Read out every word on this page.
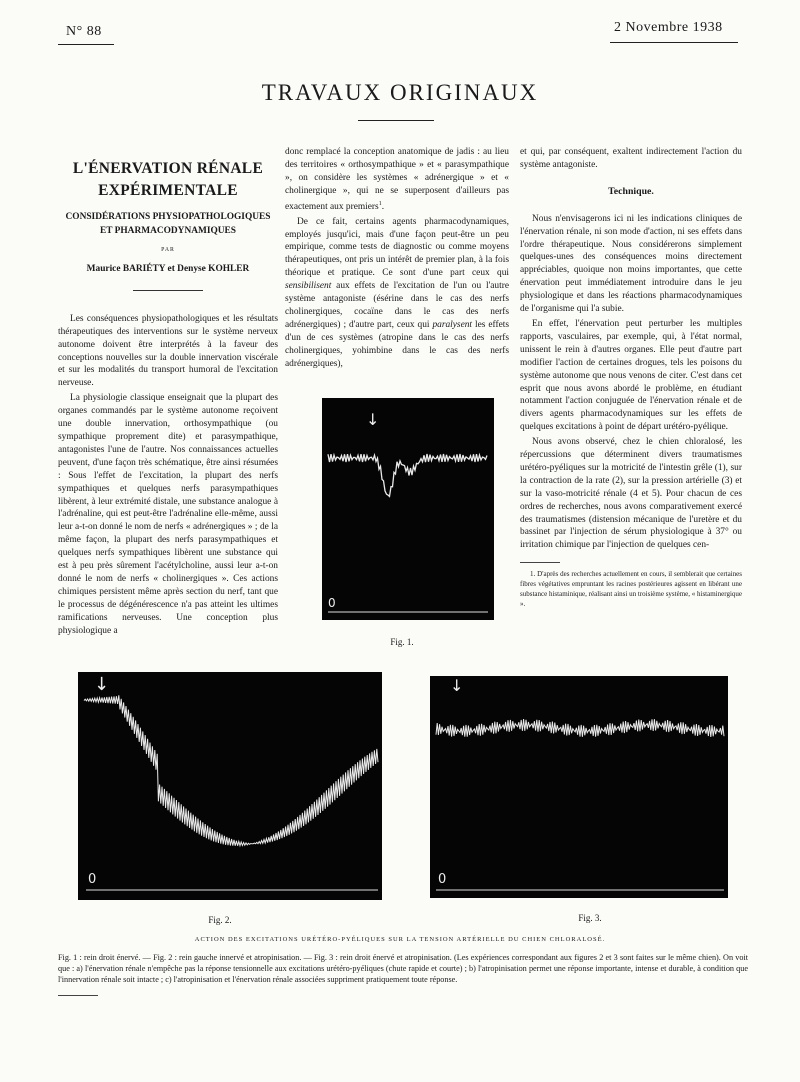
N° 88	2 Novembre 1938
TRAVAUX ORIGINAUX
L'ÉNERVATION RÉNALE
EXPÉRIMENTALE
CONSIDÉRATIONS PHYSIOPATHOLOGIQUES
ET PHARMACODYNAMIQUES
PAR
Maurice BARIÉTY et Denyse KOHLER

Les conséquences physiopathologiques et les résultats thérapeutiques des interventions sur le système nerveux autonome doivent être interprétés à la faveur des conceptions nouvelles sur la double innervation viscérale et sur les modalités du transport humoral de l'excitation nerveuse.

La physiologie classique enseignait que la plupart des organes commandés par le système autonome reçoivent une double innervation, orthosympathique (ou sympathique proprement dite) et parasympathique, antagonistes l'une de l'autre. Nos connaissances actuelles peuvent, d'une façon très schématique, être ainsi résumées : Sous l'effet de l'excitation, la plupart des nerfs sympathiques et quelques nerfs parasympathiques libèrent, à leur extrémité distale, une substance analogue à l'adrénaline, qui est peut-être l'adrénaline elle-même, aussi leur a-t-on donné le nom de nerfs « adrénergiques » ; de la même façon, la plupart des nerfs parasympathiques et quelques nerfs sympathiques libèrent une substance qui est à peu près sûrement l'acétylcholine, aussi leur a-t-on donné le nom de nerfs « cholinergiques ». Ces actions chimiques persistent même après section du nerf, tant que le processus de dégénérescence n'a pas atteint les ultimes ramifications nerveuses. Une conception plus physiologique a

donc remplacé la conception anatomique de jadis : au lieu des territoires « orthosympathique » et « parasympathique », on considère les systèmes « adrénergique » et « cholinergique », qui ne se superposent d'ailleurs pas exactement aux premiers$^1$.

De ce fait, certains agents pharmacodynamiques, employés jusqu'ici, mais d'une façon peut-être un peu empirique, comme tests de diagnostic ou comme moyens thérapeutiques, ont pris un intérêt de premier plan, à la fois théorique et pratique. Ce sont d'une part ceux qui sensibilisent aux effets de l'excitation de l'un ou l'autre système antagoniste (ésérine dans le cas des nerfs cholinergiques, cocaïne dans le cas des nerfs adrénergiques) ; d'autre part, ceux qui paralysent les effets d'un de ces systèmes (atropine dans le cas des nerfs cholinergiques, yohimbine dans le cas des nerfs adrénergiques),

↓
0
Fig. 1.

et qui, par conséquent, exaltent indirectement l'action du système antagoniste.

Technique.

Nous n'envisagerons ici ni les indications cliniques de l'énervation rénale, ni son mode d'action, ni ses effets dans l'ordre thérapeutique. Nous considérerons simplement quelques-unes des conséquences moins directement appréciables, quoique non moins importantes, que cette énervation peut immédiatement introduire dans le jeu physiologique et dans les réactions pharmacodynamiques de l'organisme qui l'a subie.

En effet, l'énervation peut perturber les multiples rapports, vasculaires, par exemple, qui, à l'état normal, unissent le rein à d'autres organes. Elle peut d'autre part modifier l'action de certaines drogues, tels les poisons du système autonome que nous venons de citer. C'est dans cet esprit que nous avons abordé le problème, en étudiant notamment l'action conjuguée de l'énervation rénale et de divers agents pharmacodynamiques sur les effets de quelques excitations à point de départ urétéro-pyélique.

Nous avons observé, chez le chien chloralosé, les répercussions que déterminent divers traumatismes urétéro-pyéliques sur la motricité de l'intestin grêle (1), sur la contraction de la rate (2), sur la pression artérielle (3) et sur la vaso-motricité rénale (4 et 5). Pour chacun de ces ordres de recherches, nous avons comparativement exercé des traumatismes (distension mécanique de l'uretère et du bassinet par l'injection de sérum physiologique à 37° ou irritation chimique par l'injection de quelques cen-

1. D'après des recherches actuellement en cours, il semblerait que certaines fibres végétatives empruntant les racines postérieures agissent en libérant une substance histaminique, réalisant ainsi un troisième système, « histaminergique ».
↓
0
Fig. 2.
↓
0
Fig. 3.
ACTION DES EXCITATIONS URÉTÉRO-PYÉLIQUES SUR LA TENSION ARTÉRIELLE DU CHIEN CHLORALOSÉ.
Fig. 1 : rein droit énervé. — Fig. 2 : rein gauche innervé et atropinisation. — Fig. 3 : rein droit énervé et atropinisation. (Les expériences correspondant aux figures 2 et 3 sont faites sur le même chien). On voit que : a) l'énervation rénale n'empêche pas la réponse tensionnelle aux excitations urétéro-pyéliques (chute rapide et courte) ; b) l'atropinisation permet une réponse importante, intense et durable, à condition que l'innervation rénale soit intacte ; c) l'atropinisation et l'énervation rénale associées suppriment pratiquement toute réponse.
